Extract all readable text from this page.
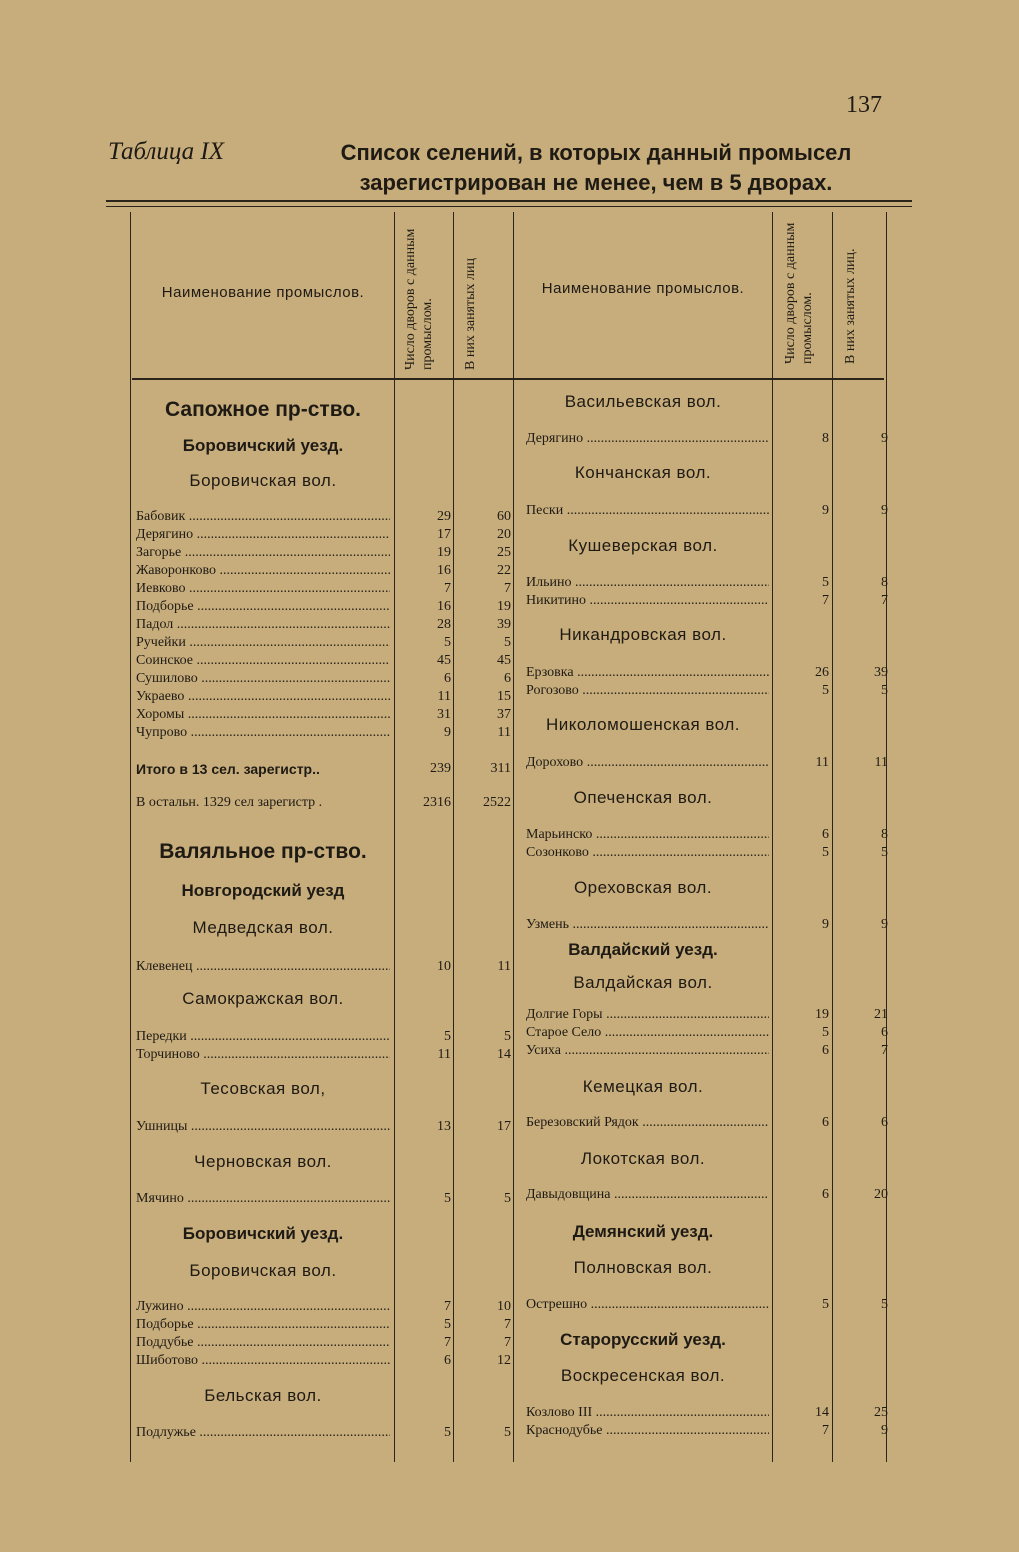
137
Таблица IX	Список селений, в которых данный промысел зарегистрирован не менее, чем в 5 дворах.
Наименование промыслов.	Наименование промыслов.
Число дворов с данным промыслом. В них занятых лиц	Число дворов с данным промыслом. В них занятых лиц.
Сапожное пр-ство.
Боровичский уезд.
Боровичская вол.
Бабовик .....	29	60
Дерягино .....	17	20
Загорье .....	19	25
Жаворонково .....	16	22
Иевково .....	7	7
Подборье .....	16	19
Падол .....	28	39
Ручейки .....	5	5
Соинское .....	45	45
Сушилово .....	6	6
Украево .....	11	15
Хоромы .....	31	37
Чупрово .....	9	11
Итого в 13 сел. зарегистр..	239	311
В остальн. 1329 сел зарегистр .	2316	2522
Валяльное пр-ство.
Новгородский уезд
Медведская вол.
Клевенец .....	10	11
Самокражская вол.
Передки .....	5	5
Торчиново .....	11	14
Тесовская вол,
Ушницы .....	13	17
Черновская вол.
Мячино .....	5	5
Боровичский уезд.
Боровичская вол.
Лужино .....	7	10
Подборье .....	5	7
Поддубье .....	7	7
Шиботово .....	6	12
Бельская вол.
Подлужье .....	5	5
Васильевская вол.
Дерягино .....	8	9
Кончанская вол.
Пески .....	9	9
Кушеверская вол.
Ильино .....	5	8
Никитино .....	7	7
Никандровская вол.
Ерзовка .....	26	39
Рогозово .....	5	5
Николомошенская вол.
Дорохово .....	11	11
Опеченская вол.
Марьинско .....	6	8
Созонково .....	5	5
Ореховская вол.
Узмень .....	9	9
Валдайский уезд.
Валдайская вол.
Долгие Горы .....	19	21
Старое Село .....	5	6
Усиха .....	6	7
Кемецкая вол.
Березовский Рядок .....	6	6
Локотская вол.
Давыдовщина .....	6	20
Демянский уезд.
Полновская вол.
Острешно .....	5	5
Старорусский уезд.
Воскресенская вол.
Козлово III .....	14	25
Краснодубье .....	7	9
